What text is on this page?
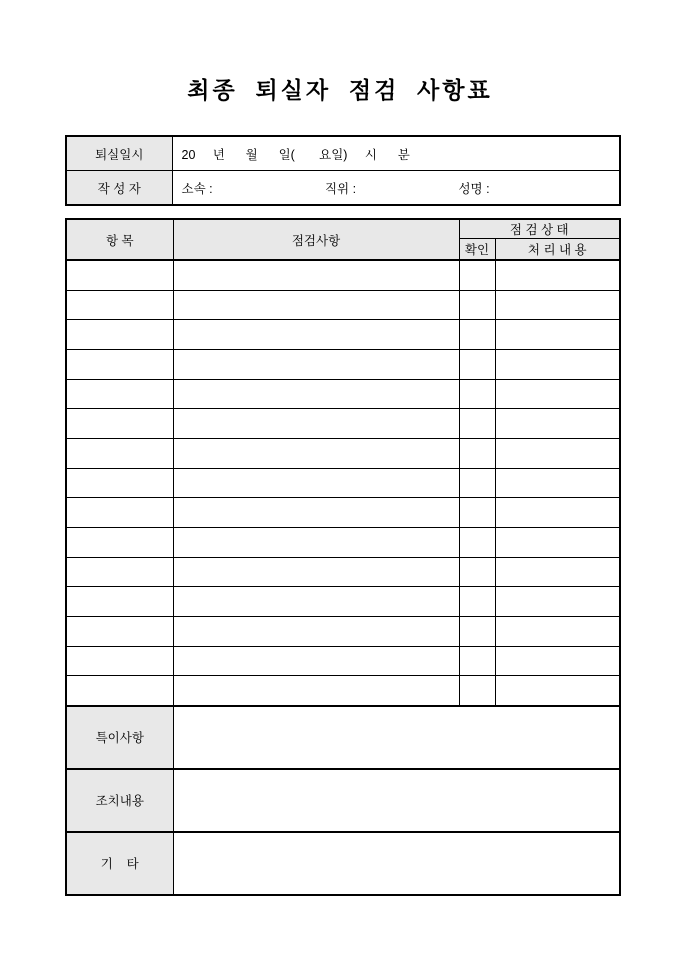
최종 퇴실자 점검 사항표
퇴실일시	20     년      월      일(       요일)     시      분
작 성 자	소속 : 직위 : 성명 :
항 목	점검사항	점 검 상 태	
		확인	처 리 내 용

특이사항			
조치내용			
기    타			
